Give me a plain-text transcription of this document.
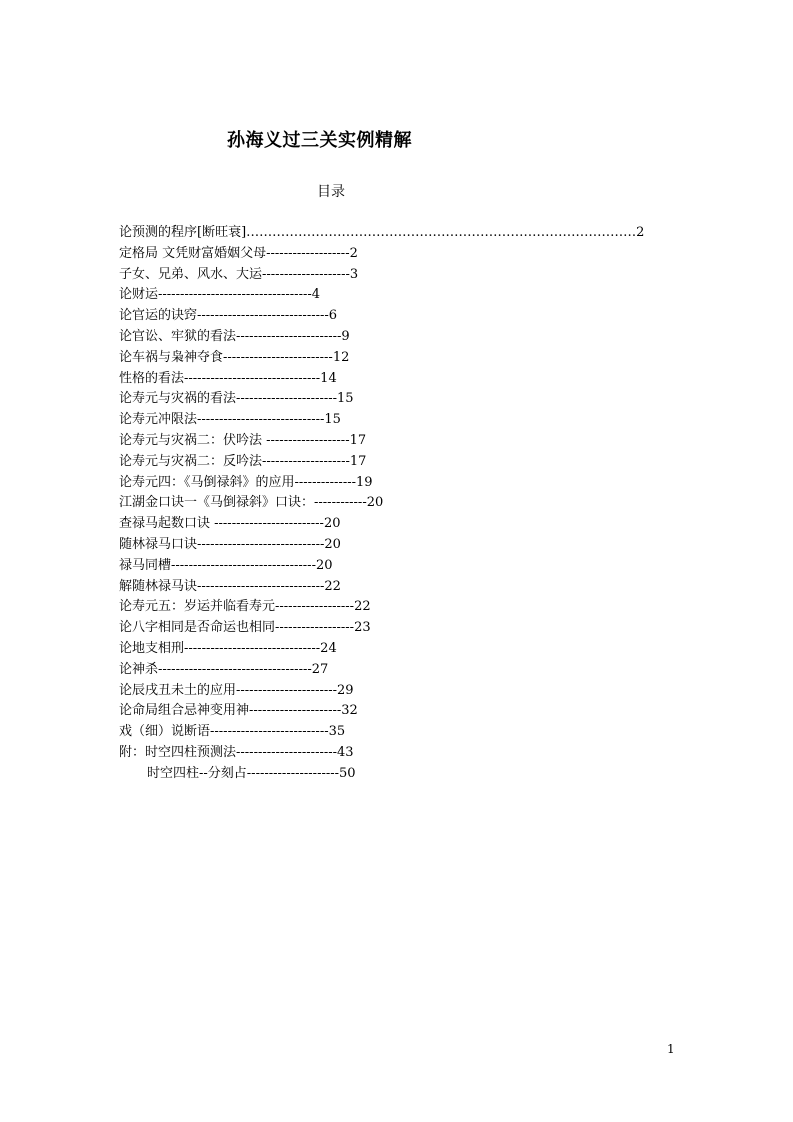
孙海义过三关实例精解
目录
论预测的程序[断旺衰]………………………………………………………………………………2
定格局 文凭财富婚姻父母-------------------2
子女、兄弟、风水、大运--------------------3
论财运-----------------------------------4
论官运的诀窍------------------------------6
论官讼、牢狱的看法------------------------9
论车祸与枭神夺食-------------------------12
性格的看法-------------------------------14
论寿元与灾祸的看法-----------------------15
论寿元冲限法-----------------------------15
论寿元与灾祸二：伏吟法 -------------------17
论寿元与灾祸二：反吟法--------------------17
论寿元四：《马倒禄斜》的应用--------------19
江湖金口诀一《马倒禄斜》口诀：------------20
查禄马起数口诀 -------------------------20
随林禄马口诀-----------------------------20
禄马同槽---------------------------------20
解随林禄马诀-----------------------------22
论寿元五：岁运并临看寿元------------------22
论八字相同是否命运也相同------------------23
论地支相刑-------------------------------24
论神杀-----------------------------------27
论辰戌丑未土的应用-----------------------29
论命局组合忌神变用神---------------------32
戏（细）说断语---------------------------35
附：时空四柱预测法-----------------------43
时空四柱--分刻占---------------------50
1
